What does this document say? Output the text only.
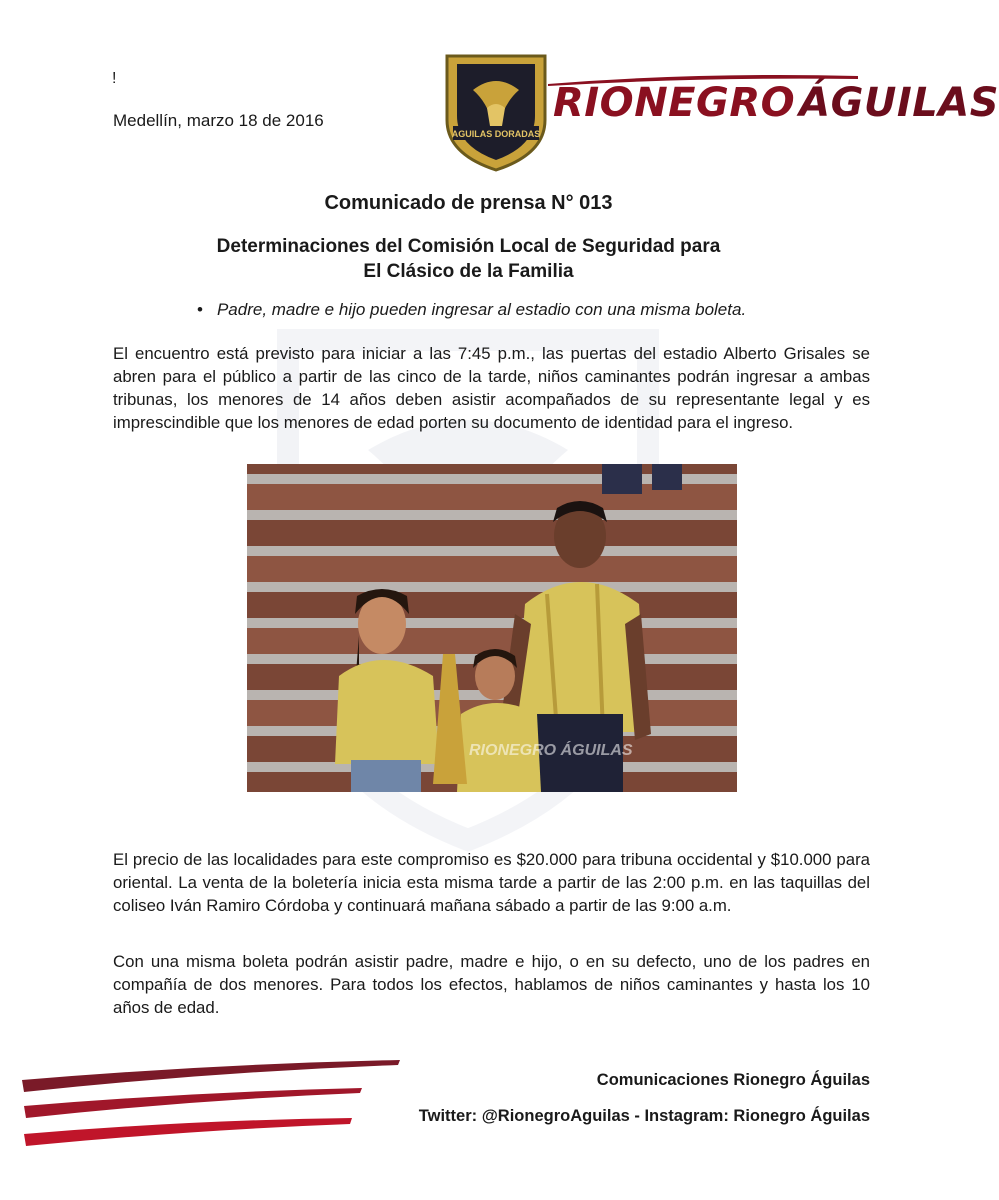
!
Medellín, marzo 18 de 2016
AGUILAS DORADAS
RIONEGRO ÁGUILAS
Comunicado de prensa N° 013
Determinaciones del Comisión Local de Seguridad para
El Clásico de la Familia
• Padre, madre e hijo pueden ingresar al estadio con una misma boleta.

El encuentro está previsto para iniciar a las 7:45 p.m., las puertas del estadio Alberto Grisales se abren para el público a partir de las cinco de la tarde, niños caminantes podrán ingresar a ambas tribunas, los menores de 14 años deben asistir acompañados de su representante legal y es imprescindible que los menores de edad porten su documento de identidad para el ingreso.

RIONEGRO ÁGUILAS

El precio de las localidades para este compromiso es $20.000 para tribuna occidental y $10.000 para oriental. La venta de la boletería inicia esta misma tarde a partir de las 2:00 p.m. en las taquillas del coliseo Iván Ramiro Córdoba y continuará mañana sábado a partir de las 9:00 a.m.

Con una misma boleta podrán asistir padre, madre e hijo, o en su defecto, uno de los padres en compañía de dos menores. Para todos los efectos, hablamos de niños caminantes y hasta los 10 años de edad.

Comunicaciones Rionegro Águilas
Twitter: @RionegroAguilas - Instagram: Rionegro Águilas
